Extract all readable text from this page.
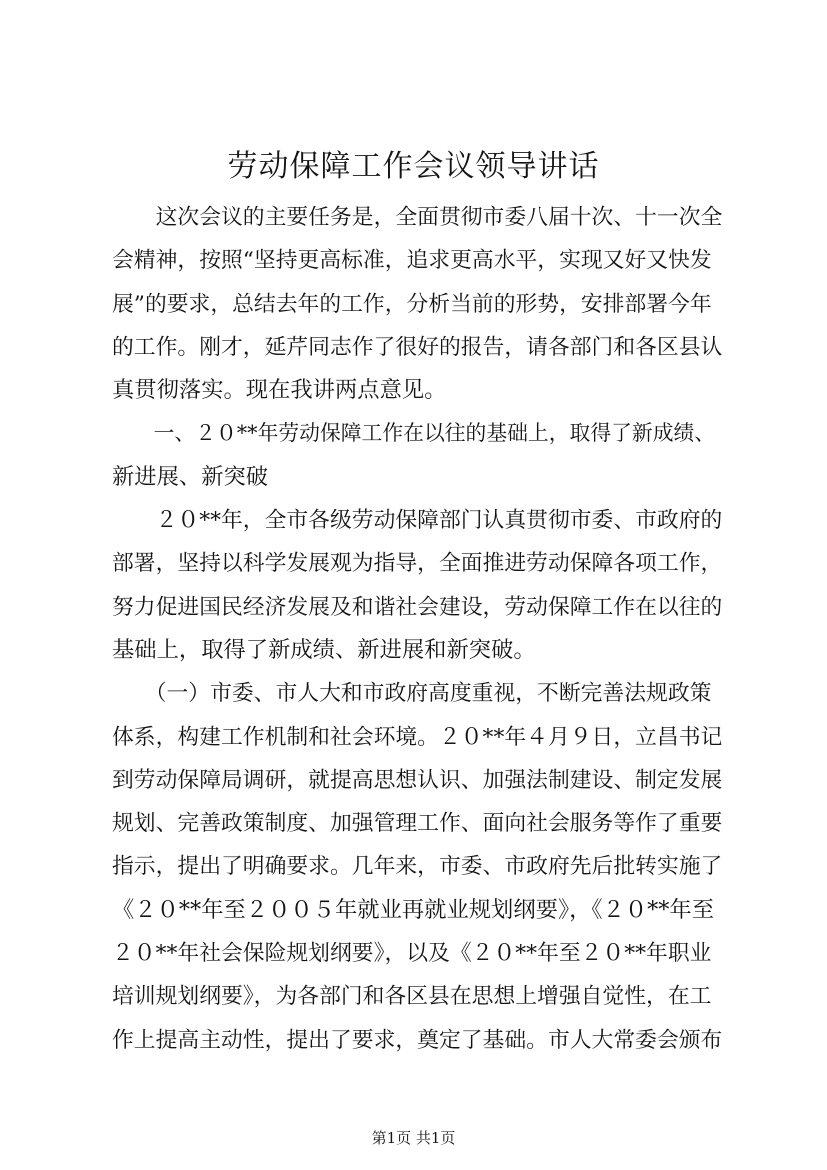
劳动保障工作会议领导讲话
　　这次会议的主要任务是，全面贯彻市委八届十次、十一次全
会精神，按照“坚持更高标准，追求更高水平，实现又好又快发
展”的要求，总结去年的工作，分析当前的形势，安排部署今年
的工作。刚才，延芹同志作了很好的报告，请各部门和各区县认
真贯彻落实。现在我讲两点意见。
　　一、２０**年劳动保障工作在以往的基础上，取得了新成绩、
新进展、新突破
　　２０**年，全市各级劳动保障部门认真贯彻市委、市政府的
部署，坚持以科学发展观为指导，全面推进劳动保障各项工作，
努力促进国民经济发展及和谐社会建设，劳动保障工作在以往的
基础上，取得了新成绩、新进展和新突破。
　　（一）市委、市人大和市政府高度重视，不断完善法规政策
体系，构建工作机制和社会环境。２０**年４月９日，立昌书记
到劳动保障局调研，就提高思想认识、加强法制建设、制定发展
规划、完善政策制度、加强管理工作、面向社会服务等作了重要
指示，提出了明确要求。几年来，市委、市政府先后批转实施了
《２０**年至２００５年就业再就业规划纲要》，《２０**年至
２０**年社会保险规划纲要》，以及《２０**年至２０**年职业
培训规划纲要》，为各部门和各区县在思想上增强自觉性，在工
作上提高主动性，提出了要求，奠定了基础。市人大常委会颁布
第1页 共1页
